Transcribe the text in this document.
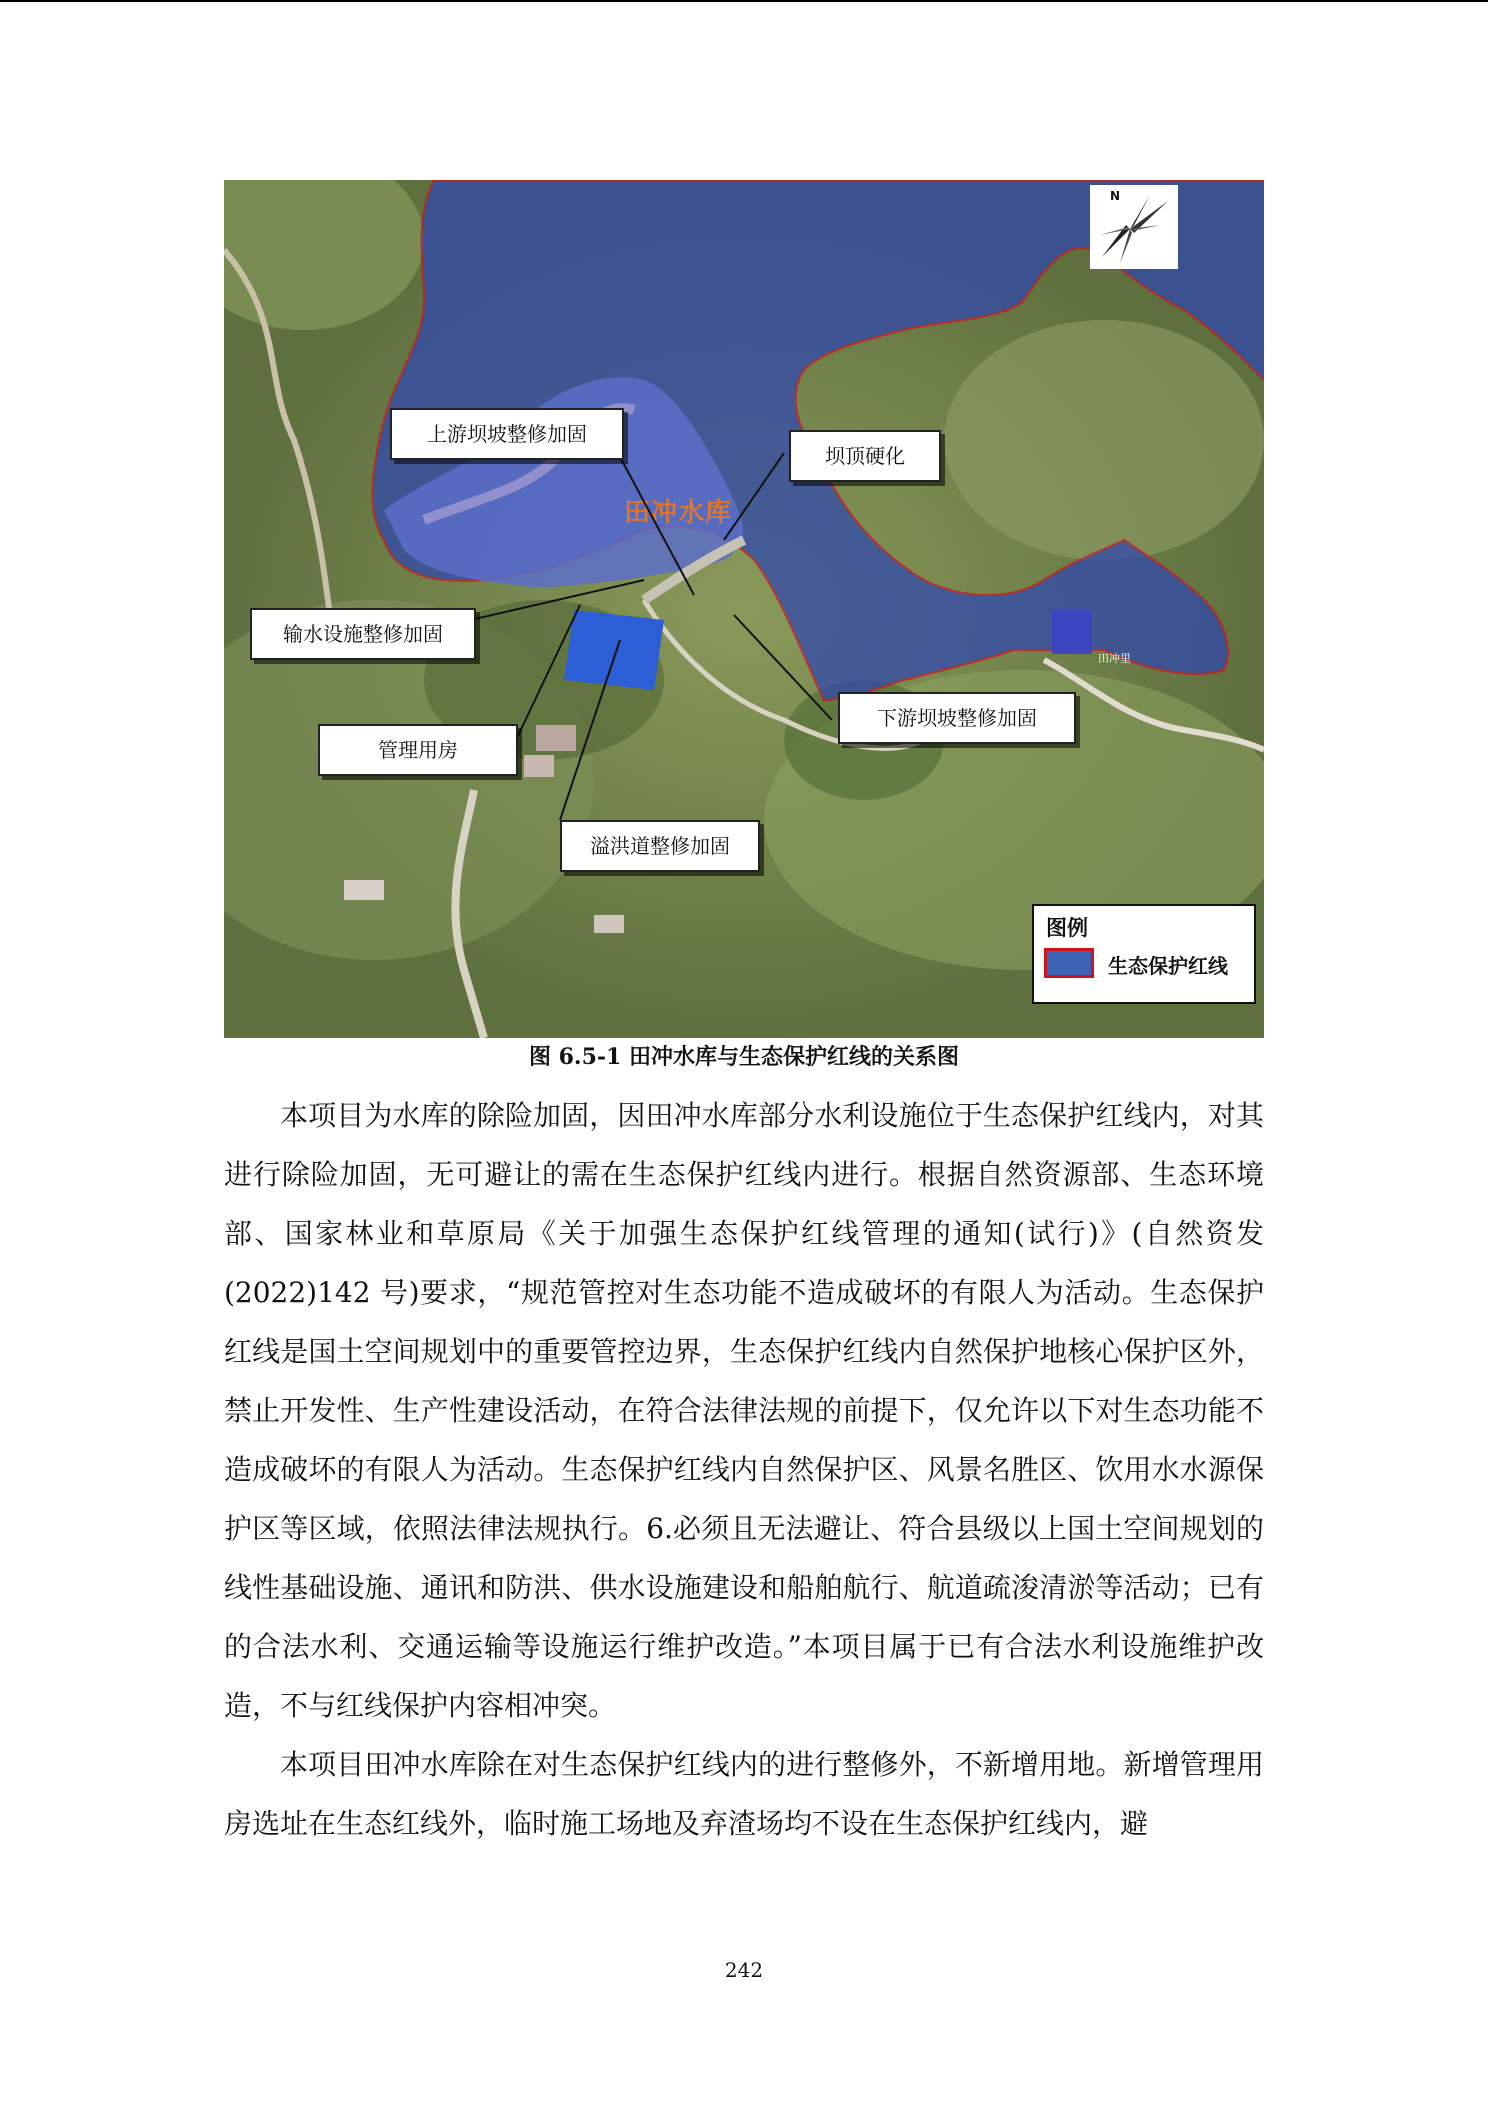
田冲水库
田冲里
N
上游坝坡整修加固
坝顶硬化
输水设施整修加固
下游坝坡整修加固
管理用房
溢洪道整修加固
图例
生态保护红线
图 6.5-1 田冲水库与生态保护红线的关系图

本项目为水库的除险加固，因田冲水库部分水利设施位于生态保护红线内，对其进行除险加固，无可避让的需在生态保护红线内进行。根据自然资源部、生态环境部、国家林业和草原局《关于加强生态保护红线管理的通知(试行)》(自然资发(2022)142 号)要求，“规范管控对生态功能不造成破坏的有限人为活动。生态保护红线是国土空间规划中的重要管控边界，生态保护红线内自然保护地核心保护区外，禁止开发性、生产性建设活动，在符合法律法规的前提下，仅允许以下对生态功能不造成破坏的有限人为活动。生态保护红线内自然保护区、风景名胜区、饮用水水源保护区等区域，依照法律法规执行。6.必须且无法避让、符合县级以上国土空间规划的线性基础设施、通讯和防洪、供水设施建设和船舶航行、航道疏浚清淤等活动；已有的合法水利、交通运输等设施运行维护改造。”本项目属于已有合法水利设施维护改造，不与红线保护内容相冲突。

本项目田冲水库除在对生态保护红线内的进行整修外，不新增用地。新增管理用房选址在生态红线外，临时施工场地及弃渣场均不设在生态保护红线内，避

242
